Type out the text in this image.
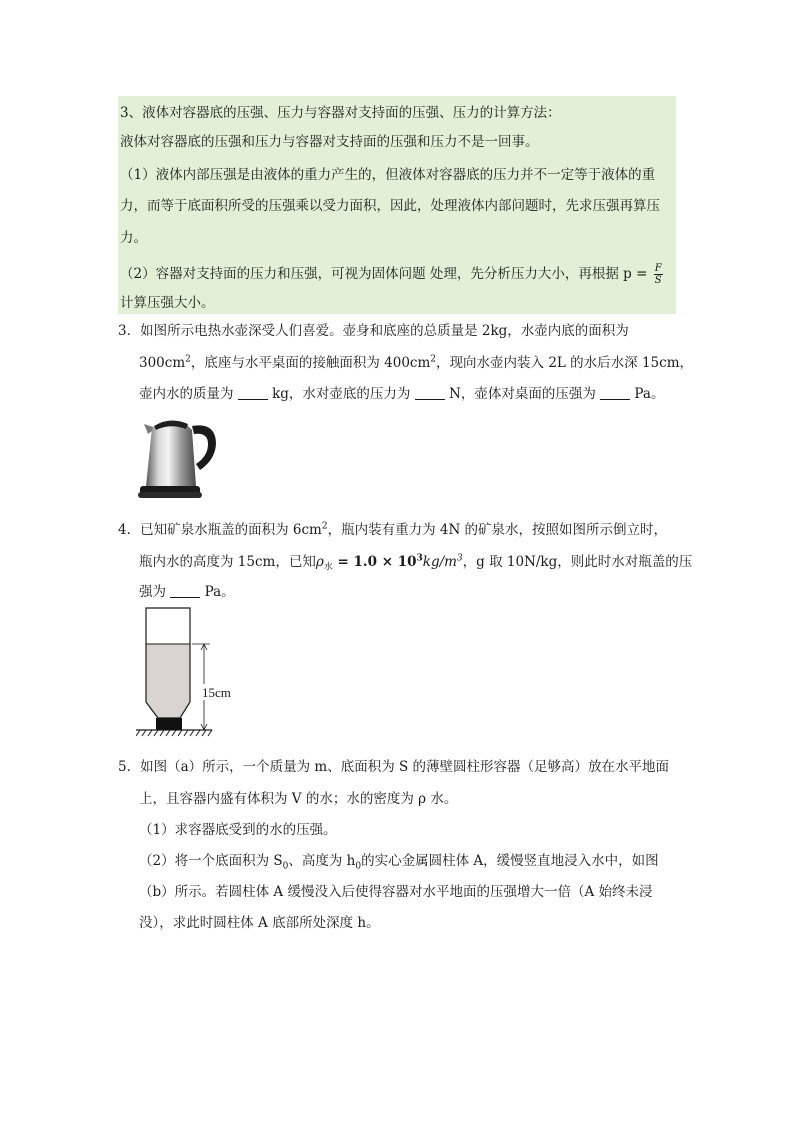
3、液体对容器底的压强、压力与容器对支持面的压强、压力的计算方法：
液体对容器底的压强和压力与容器对支持面的压强和压力不是一回事。
（1）液体内部压强是由液体的重力产生的，但液体对容器底的压力并不一定等于液体的重
力，而等于底面积所受的压强乘以受力面积，因此，处理液体内部问题时，先求压强再算压
力。
（2）容器对支持面的压力和压强，可视为固体问题 处理，先分析压力大小，再根据 $p = \frac{F}{S}$
计算压强大小。
3．如图所示电热水壶深受人们喜爱。壶身和底座的总质量是 2kg，水壶内底的面积为
$300cm^2$，底座与水平桌面的接触面积为 $400cm^2$，现向水壶内装入 2L 的水后水深 15cm，
壶内水的质量为	kg，水对壶底的压力为	N，壶体对桌面的压强为	Pa。
4．已知矿泉水瓶盖的面积为 $6cm^2$，瓶内装有重力为 4N 的矿泉水，按照如图所示倒立时，
瓶内水的高度为 15cm，已知$\rho_水 = 1.0 \times 10^3kg/m^3$，g 取 10N/kg，则此时水对瓶盖的压
强为	Pa。
15cm
5．如图（a）所示，一个质量为 m、底面积为 S 的薄壁圆柱形容器（足够高）放在水平地面
上，且容器内盛有体积为 V 的水；水的密度为 ρ 水。
（1）求容器底受到的水的压强。
（2）将一个底面积为 $S_0$、高度为 $h_0$的实心金属圆柱体 A，缓慢竖直地浸入水中，如图
（b）所示。若圆柱体 A 缓慢没入后使得容器对水平地面的压强增大一倍（A 始终未浸
没），求此时圆柱体 A 底部所处深度 h。
